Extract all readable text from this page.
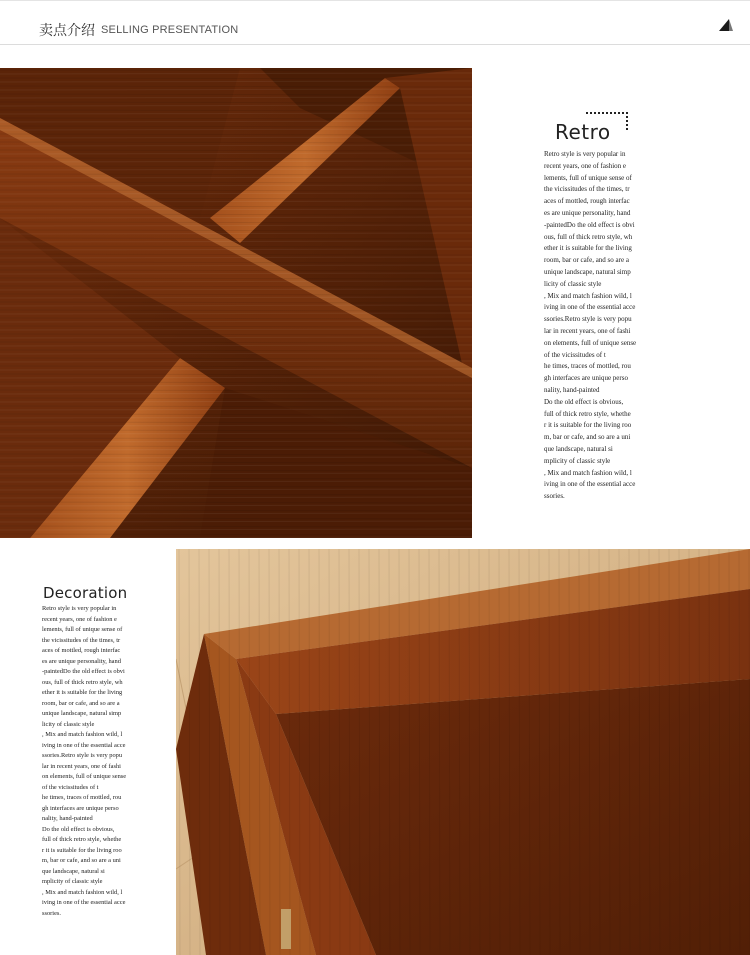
卖点介绍 SELLING PRESENTATION
Retro
Retro style is very popular in
recent years, one of fashion e
lements, full of unique sense of
the vicissitudes of the times, tr
aces of mottled, rough interfac
es are unique personality, hand
-paintedDo the old effect is obvi
ous, full of thick retro style, wh
ether it is suitable for the living
room, bar or cafe, and so are a
unique landscape, natural simp
licity of classic style
, Mix and match fashion wild, l
iving in one of the essential acce
ssories.Retro style is very popu
lar in recent years, one of fashi
on elements, full of unique sense
of the vicissitudes of t
he times, traces of mottled, rou
gh interfaces are unique perso
nality, hand-painted
Do the old effect is obvious,
full of thick retro style, whethe
r it is suitable for the living roo
m, bar or cafe, and so are a uni
que landscape, natural si
mplicity of classic style
, Mix and match fashion wild, l
iving in one of the essential acce
ssories.
Decoration
Retro style is very popular in
recent years, one of fashion e
lements, full of unique sense of
the vicissitudes of the times, tr
aces of mottled, rough interfac
es are unique personality, hand
-paintedDo the old effect is obvi
ous, full of thick retro style, wh
ether it is suitable for the living
room, bar or cafe, and so are a
unique landscape, natural simp
licity of classic style
, Mix and match fashion wild, l
iving in one of the essential acce
ssories.Retro style is very popu
lar in recent years, one of fashi
on elements, full of unique sense
of the vicissitudes of t
he times, traces of mottled, rou
gh interfaces are unique perso
nality, hand-painted
Do the old effect is obvious,
full of thick retro style, whethe
r it is suitable for the living roo
m, bar or cafe, and so are a uni
que landscape, natural si
mplicity of classic style
, Mix and match fashion wild, l
iving in one of the essential acce
ssories.
